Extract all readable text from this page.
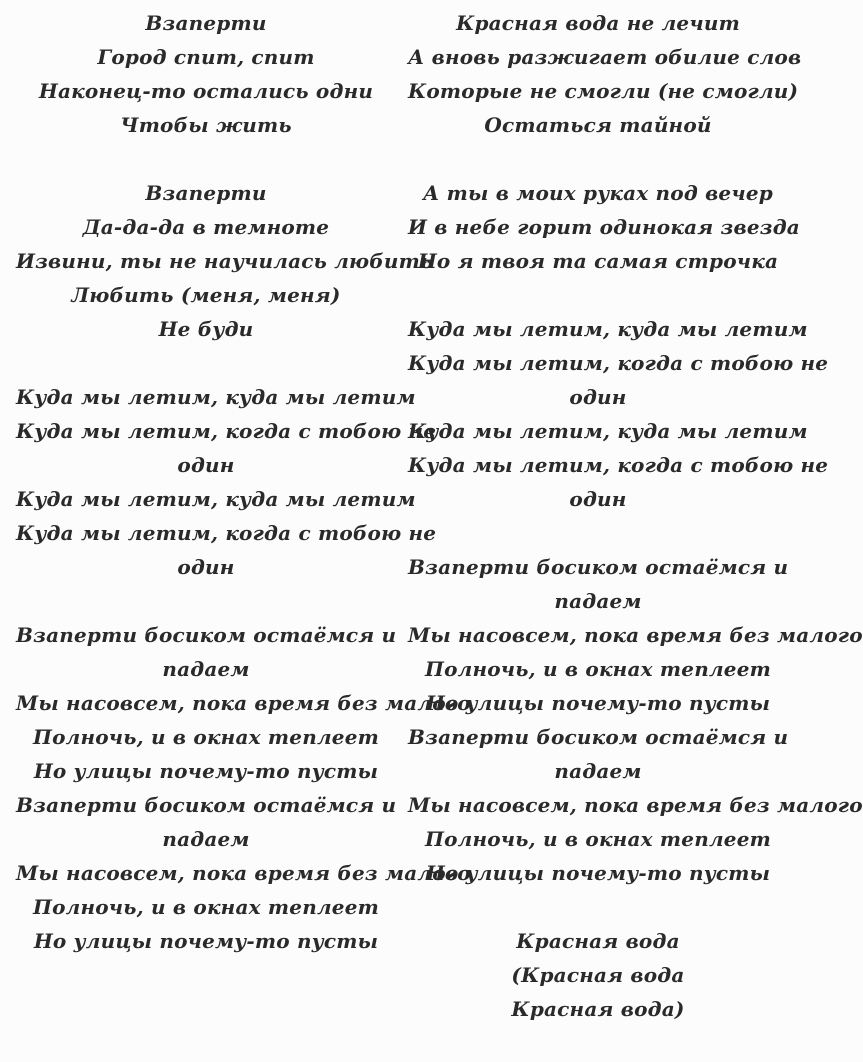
Взаперти
Город спит, спит
Наконец-то остались одни
Чтобы жить
Взаперти
Да-да-да в темноте
Извини, ты не научилась любить
Любить (меня, меня)
Не буди
Куда мы летим, куда мы летим
Куда мы летим, когда с тобою не
один
Куда мы летим, куда мы летим
Куда мы летим, когда с тобою не
один
Взаперти босиком остаёмся и
падаем
Мы насовсем, пока время без малого
Полночь, и в окнах теплеет
Но улицы почему-то пусты
Взаперти босиком остаёмся и
падаем
Мы насовсем, пока время без малого
Полночь, и в окнах теплеет
Но улицы почему-то пусты
Красная вода не лечит
А вновь разжигает обилие слов
Которые не смогли (не смогли)
Остаться тайной
А ты в моих руках под вечер
И в небе горит одинокая звезда
Но я твоя та самая строчка
Куда мы летим, куда мы летим
Куда мы летим, когда с тобою не
один
Куда мы летим, куда мы летим
Куда мы летим, когда с тобою не
один
Взаперти босиком остаёмся и
падаем
Мы насовсем, пока время без малого
Полночь, и в окнах теплеет
Но улицы почему-то пусты
Взаперти босиком остаёмся и
падаем
Мы насовсем, пока время без малого
Полночь, и в окнах теплеет
Но улицы почему-то пусты
Красная вода
(Красная вода
Красная вода)
